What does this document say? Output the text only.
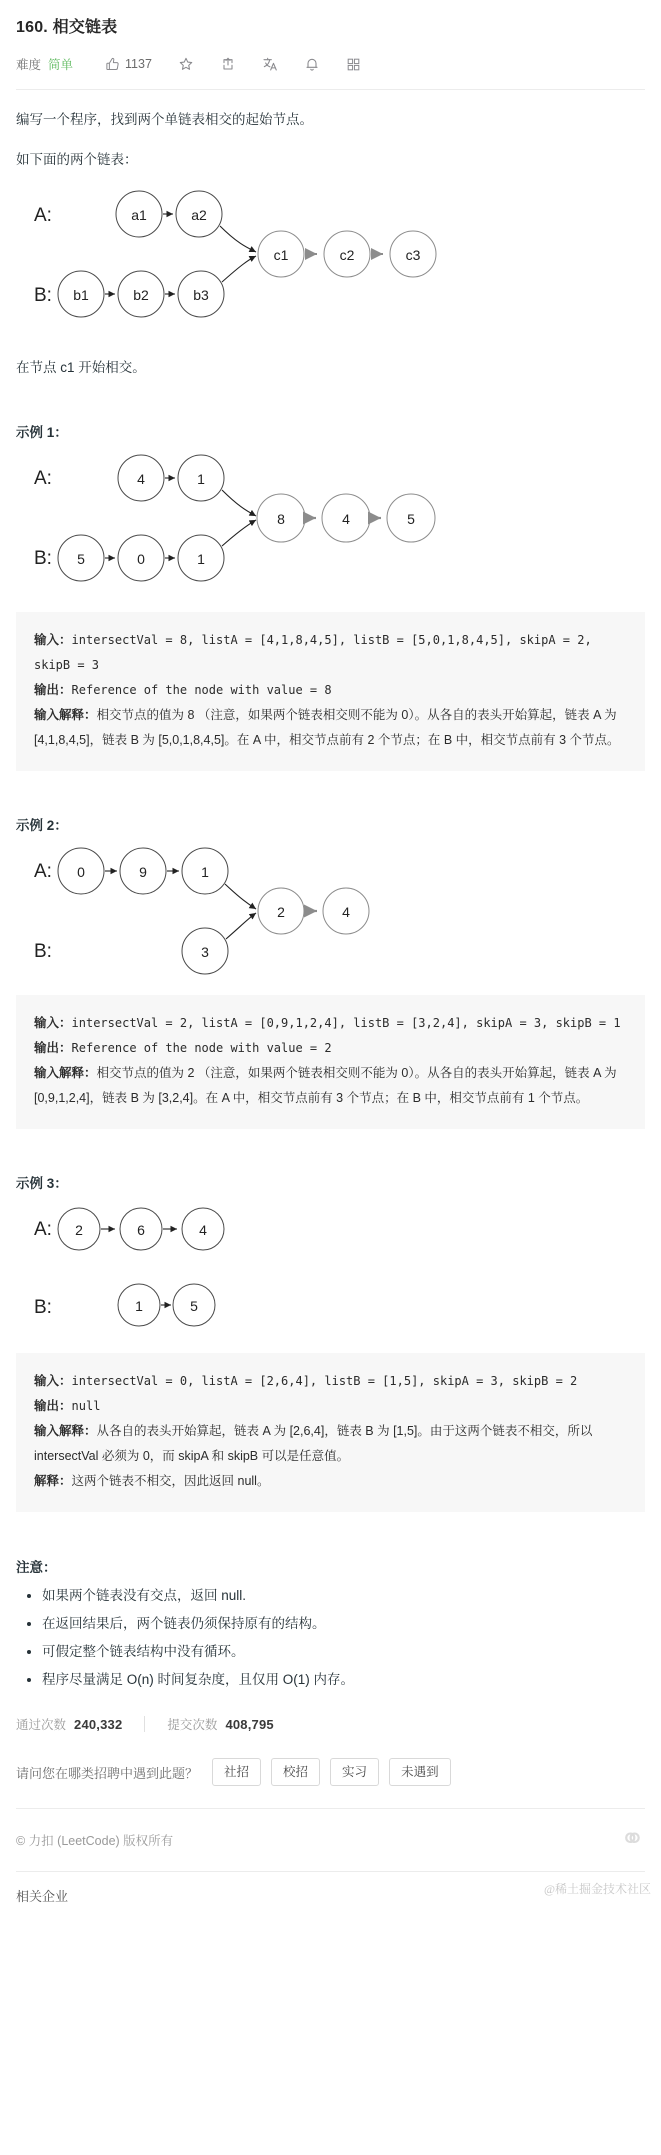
160. 相交链表
难度 简单	1137

编写一个程序，找到两个单链表相交的起始节点。

如下面的两个链表：

A:
B:
a1	a2
b1	b2	b3
c1	c2	c3

在节点 c1 开始相交。

示例 1：
A:
B:
4	1
5	0	1
8	4	5
输入：intersectVal = 8, listA = [4,1,8,4,5], listB = [5,0,1,8,4,5], skipA = 2, skipB = 3
输出：Reference of the node with value = 8
输入解释：相交节点的值为 8 （注意，如果两个链表相交则不能为 0）。从各自的表头开始算起，链表 A 为 [4,1,8,4,5]，链表 B 为 [5,0,1,8,4,5]。在 A 中，相交节点前有 2 个节点；在 B 中，相交节点前有 3 个节点。
示例 2：
A:
B:
0	9	1
3
2	4
输入：intersectVal = 2, listA = [0,9,1,2,4], listB = [3,2,4], skipA = 3, skipB = 1
输出：Reference of the node with value = 2
输入解释：相交节点的值为 2 （注意，如果两个链表相交则不能为 0）。从各自的表头开始算起，链表 A 为 [0,9,1,2,4]，链表 B 为 [3,2,4]。在 A 中，相交节点前有 3 个节点；在 B 中，相交节点前有 1 个节点。
示例 3：
A:
B:
2	6	4
1	5
输入：intersectVal = 0, listA = [2,6,4], listB = [1,5], skipA = 3, skipB = 2
输出：null
输入解释：从各自的表头开始算起，链表 A 为 [2,6,4]，链表 B 为 [1,5]。由于这两个链表不相交，所以 intersectVal 必须为 0，而 skipA 和 skipB 可以是任意值。
解释：这两个链表不相交，因此返回 null。
注意：
• 如果两个链表没有交点，返回 null.
• 在返回结果后，两个链表仍须保持原有的结构。
• 可假定整个链表结构中没有循环。
• 程序尽量满足 O(n) 时间复杂度，且仅用 O(1) 内存。
通过次数 240,332	提交次数 408,795
请问您在哪类招聘中遇到此题？	社招	校招	实习	未遇到
© 力扣 (LeetCode) 版权所有	⚭
相关企业	@稀土掘金技术社区
